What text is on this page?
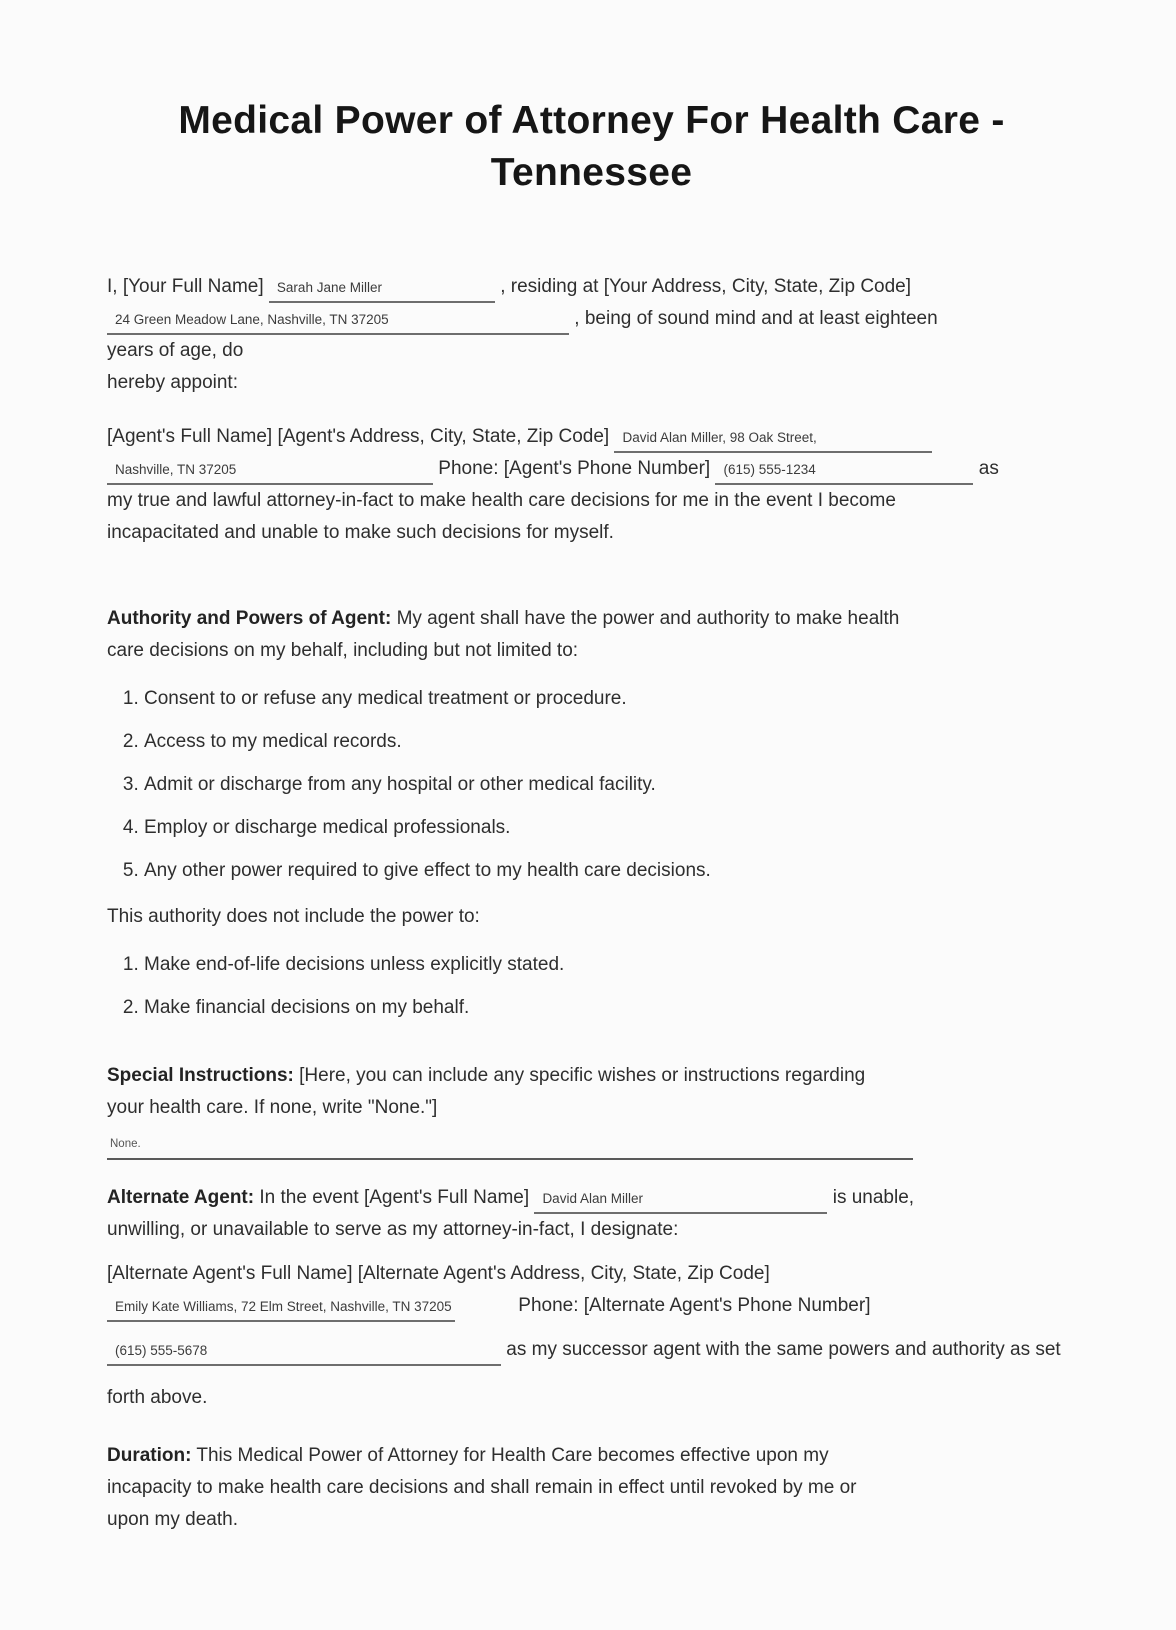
Medical Power of Attorney For Health Care -
Tennessee

I, [Your Full Name] Sarah Jane Miller	, residing at [Your Address, City, State, Zip Code]
24 Green Meadow Lane, Nashville, TN 37205	, being of sound mind and at least eighteen
years of age, do
hereby appoint:

[Agent's Full Name] [Agent's Address, City, State, Zip Code] David Alan Miller, 98 Oak Street,
Nashville, TN 37205	Phone: [Agent's Phone Number] (615) 555-1234	as
my true and lawful attorney-in-fact to make health care decisions for me in the event I become
incapacitated and unable to make such decisions for myself.

Authority and Powers of Agent: My agent shall have the power and authority to make health
care decisions on my behalf, including but not limited to:

1. Consent to or refuse any medical treatment or procedure.
2. Access to my medical records.
3. Admit or discharge from any hospital or other medical facility.
4. Employ or discharge medical professionals.
5. Any other power required to give effect to my health care decisions.

This authority does not include the power to:

1. Make end-of-life decisions unless explicitly stated.
2. Make financial decisions on my behalf.

Special Instructions: [Here, you can include any specific wishes or instructions regarding
your health care. If none, write "None."]

None.

Alternate Agent: In the event [Agent's Full Name] David Alan Miller	is unable,
unwilling, or unavailable to serve as my attorney-in-fact, I designate:

[Alternate Agent's Full Name] [Alternate Agent's Address, City, State, Zip Code]
Emily Kate Williams, 72 Elm Street, Nashville, TN 37205	Phone: [Alternate Agent's Phone Number]

(615) 555-5678	as my successor agent with the same powers and authority as set

forth above.

Duration: This Medical Power of Attorney for Health Care becomes effective upon my
incapacity to make health care decisions and shall remain in effect until revoked by me or
upon my death.
